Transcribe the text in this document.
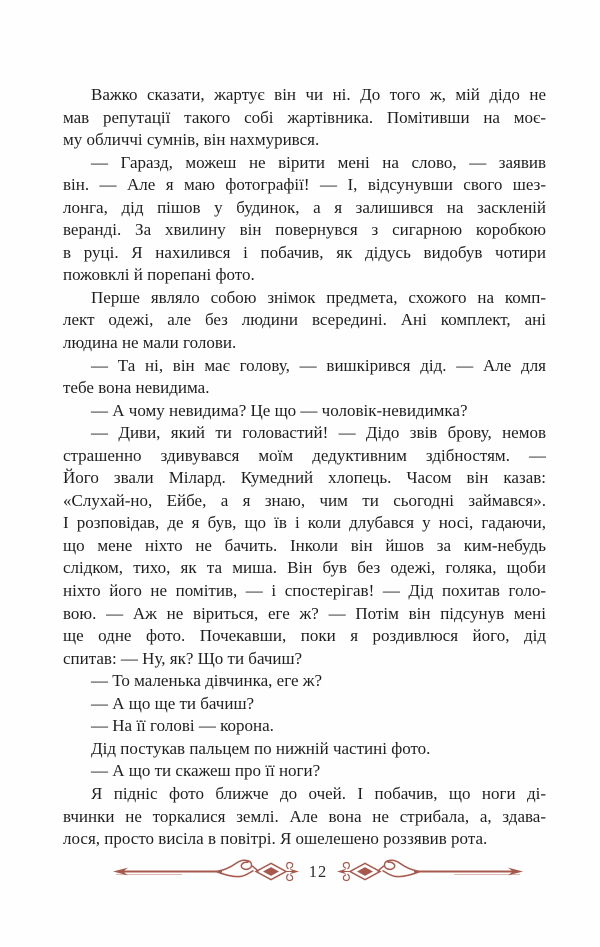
Важко сказати, жартує він чи ні. До того ж, мій дідо не
мав репутації такого собі жартівника. Помітивши на моє-
му обличчі сумнів, він нахмурився.

— Гаразд, можеш не вірити мені на слово, — заявив
він. — Але я маю фотографії! — І, відсунувши свого шез-
лонга, дід пішов у будинок, а я залишився на заскленій
веранді. За хвилину він повернувся з сигарною коробкою
в руці. Я нахилився і побачив, як дідусь видобув чотири
пожовклі й порепані фото.

Перше являло собою знімок предмета, схожого на комп-
лект одежі, але без людини всередині. Ані комплект, ані
людина не мали голови.

— Та ні, він має голову, — вишкірився дід. — Але для
тебе вона невидима.

— А чому невидима? Це що — чоловік-невидимка?

— Диви, який ти головастий! — Дідо звів брову, немов
страшенно здивувався моїм дедуктивним здібностям. —
Його звали Мілард. Кумедний хлопець. Часом він казав:
«Слухай-но, Ейбе, а я знаю, чим ти сьогодні займався».
І розповідав, де я був, що їв і коли длубався у носі, гадаючи,
що мене ніхто не бачить. Інколи він йшов за ким-небудь
слідком, тихо, як та миша. Він був без одежі, голяка, щоби
ніхто його не помітив, — і спостерігав! — Дід похитав голо-
вою. — Аж не віриться, еге ж? — Потім він підсунув мені
ще одне фото. Почекавши, поки я роздивлюся його, дід
спитав: — Ну, як? Що ти бачиш?

— То маленька дівчинка, еге ж?

— А що ще ти бачиш?

— На її голові — корона.

Дід постукав пальцем по нижній частині фото.

— А що ти скажеш про її ноги?

Я підніс фото ближче до очей. І побачив, що ноги ді-
вчинки не торкалися землі. Але вона не стрибала, а, здава-
лося, просто висіла в повітрі. Я ошелешено роззявив рота.

12
